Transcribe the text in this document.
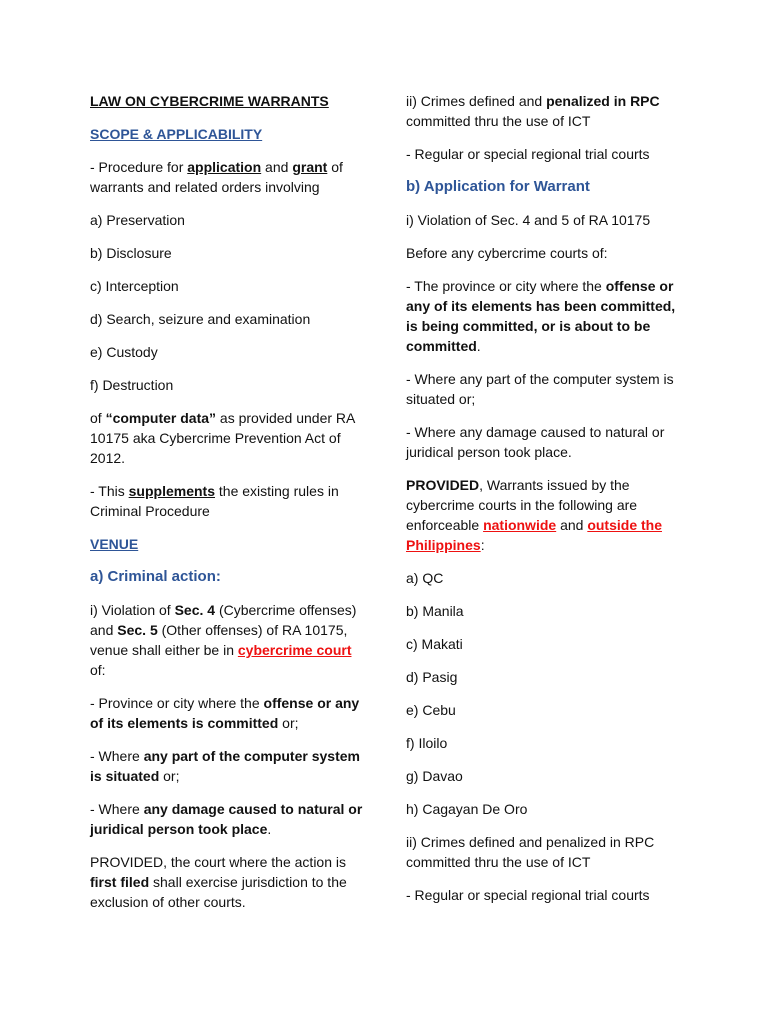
LAW ON CYBERCRIME WARRANTS

SCOPE & APPLICABILITY

- Procedure for application and grant of warrants and related orders involving

a) Preservation

b) Disclosure

c) Interception

d) Search, seizure and examination

e) Custody

f) Destruction

of “computer data” as provided under RA 10175 aka Cybercrime Prevention Act of 2012.

- This supplements the existing rules in Criminal Procedure

VENUE

a) Criminal action:

i) Violation of Sec. 4 (Cybercrime offenses) and Sec. 5 (Other offenses) of RA 10175, venue shall either be in cybercrime court of:

- Province or city where the offense or any of its elements is committed or;

- Where any part of the computer system is situated or;

- Where any damage caused to natural or juridical person took place.

PROVIDED, the court where the action is first filed shall exercise jurisdiction to the exclusion of other courts.

ii) Crimes defined and penalized in RPC committed thru the use of ICT

- Regular or special regional trial courts

b) Application for Warrant

i) Violation of Sec. 4 and 5 of RA 10175

Before any cybercrime courts of:

- The province or city where the offense or any of its elements has been committed, is being committed, or is about to be committed.

- Where any part of the computer system is situated or;

- Where any damage caused to natural or juridical person took place.

PROVIDED, Warrants issued by the cybercrime courts in the following are enforceable nationwide and outside the Philippines:

a) QC

b) Manila

c) Makati

d) Pasig

e) Cebu

f) Iloilo

g) Davao

h) Cagayan De Oro

ii) Crimes defined and penalized in RPC committed thru the use of ICT

- Regular or special regional trial courts
